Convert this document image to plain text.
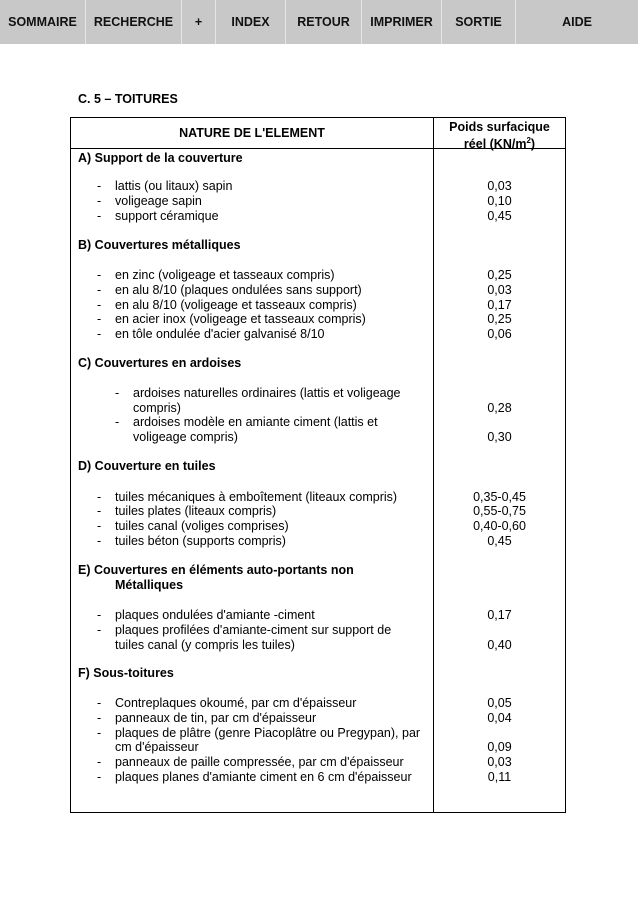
SOMMAIRE	RECHERCHE	+	INDEX	RETOUR	IMPRIMER	SORTIE	AIDE
C. 5 – TOITURES
NATURE DE L'ELEMENT	Poids surfacique
réel $(KN/m^2)$
A) Support de la couverture
- lattis (ou litaux) sapin	0,03
- voligeage sapin	0,10
- support céramique	0,45
B) Couvertures métalliques
- en zinc (voligeage et tasseaux compris)	0,25
- en alu 8/10 (plaques ondulées sans support)	0,03
- en alu 8/10 (voligeage et tasseaux compris)	0,17
- en acier inox (voligeage et tasseaux compris)	0,25
- en tôle ondulée d'acier galvanisé 8/10	0,06
C) Couvertures en ardoises
- ardoises naturelles ordinaires (lattis et voligeage
compris)	0,28
- ardoises modèle en amiante ciment (lattis et
voligeage compris)	0,30
D) Couverture en tuiles
- tuiles mécaniques à emboîtement (liteaux compris)	0,35-0,45
- tuiles plates (liteaux compris)	0,55-0,75
- tuiles canal (voliges comprises)	0,40-0,60
- tuiles béton (supports compris)	0,45
E) Couvertures en éléments auto-portants non
Métalliques
- plaques ondulées d'amiante -ciment	0,17
- plaques profilées d'amiante-ciment sur support de
tuiles canal (y compris les tuiles)	0,40
F) Sous-toitures
- Contreplaques okoumé, par cm d'épaisseur	0,05
- panneaux de tin, par cm d'épaisseur	0,04
- plaques de plâtre (genre Piacoplâtre ou Pregypan), par
cm d'épaisseur	0,09
- panneaux de paille compressée, par cm d'épaisseur	0,03
- plaques planes d'amiante ciment en 6 cm d'épaisseur	0,11
